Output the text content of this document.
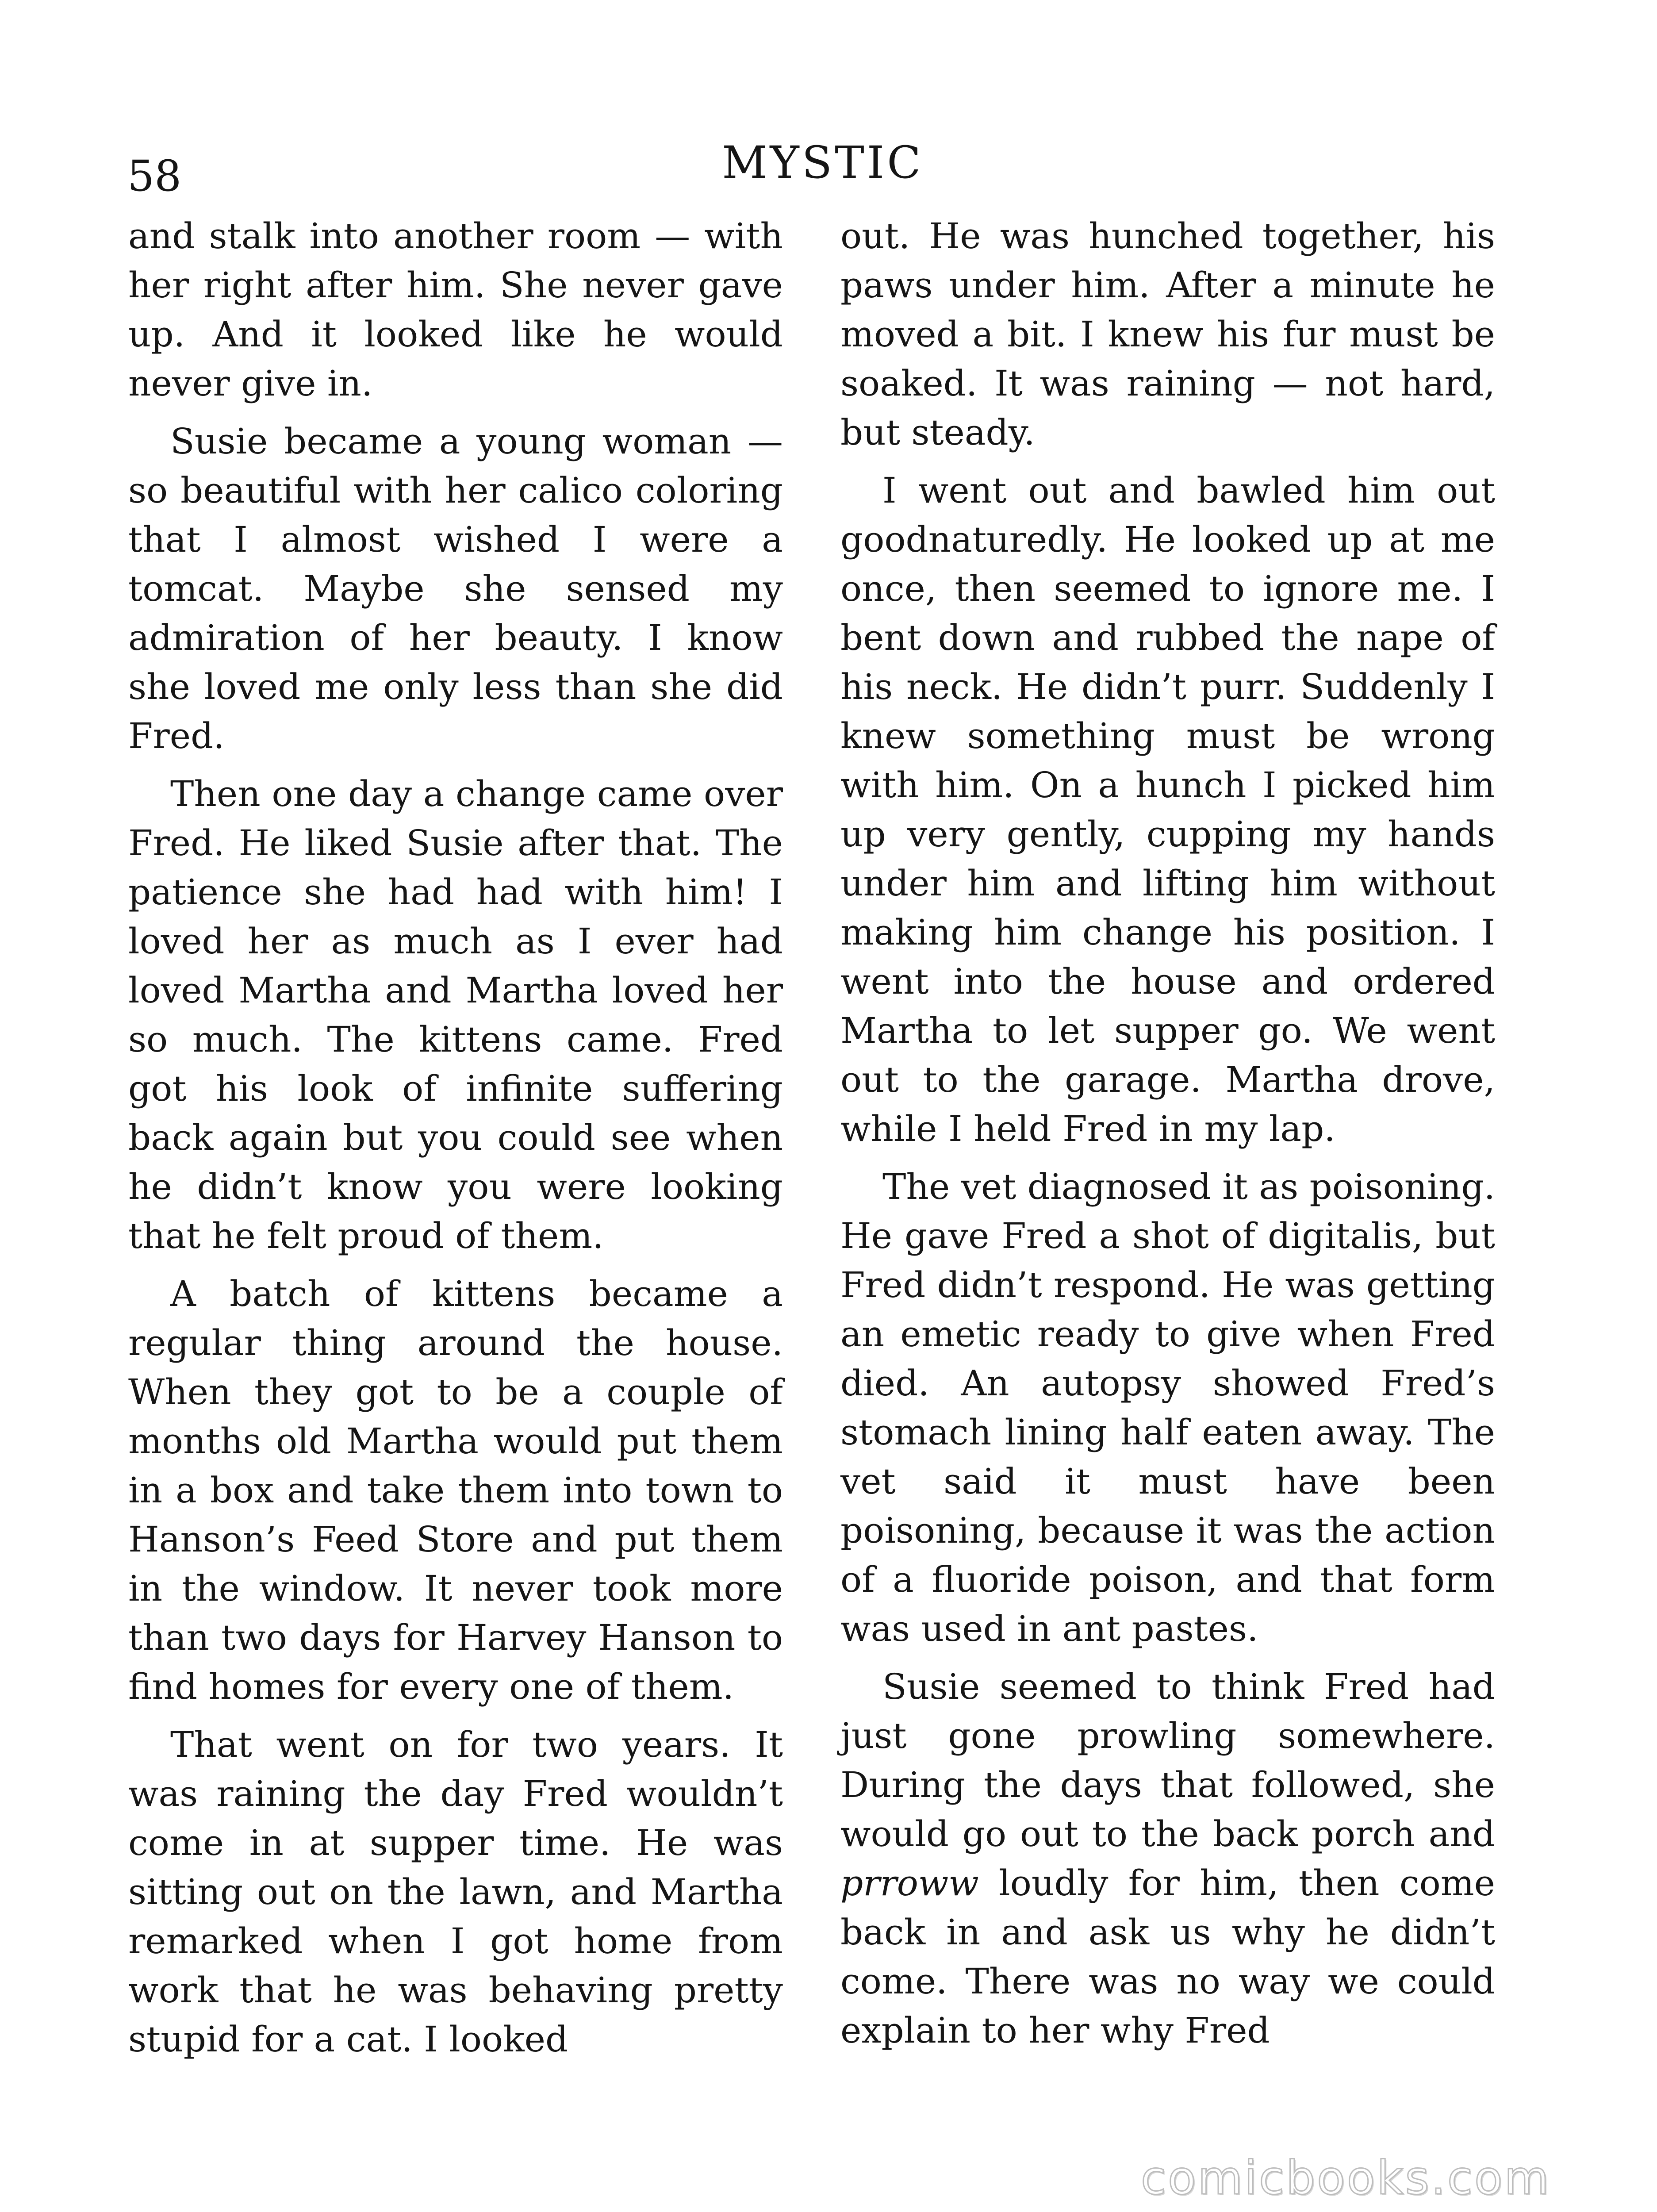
58	MYSTIC

and stalk into another room — with her right after him. She never gave up. And it looked like he would never give in.

Susie became a young woman — so beautiful with her calico coloring that I almost wished I were a tomcat. Maybe she sensed my admiration of her beauty. I know she loved me only less than she did Fred.

Then one day a change came over Fred. He liked Susie after that. The patience she had had with him! I loved her as much as I ever had loved Martha and Martha loved her so much. The kittens came. Fred got his look of infinite suffering back again but you could see when he didn’t know you were looking that he felt proud of them.

A batch of kittens became a regular thing around the house. When they got to be a couple of months old Martha would put them in a box and take them into town to Hanson’s Feed Store and put them in the window. It never took more than two days for Harvey Hanson to find homes for every one of them.

That went on for two years. It was raining the day Fred wouldn’t come in at supper time. He was sitting out on the lawn, and Martha remarked when I got home from work that he was behaving pretty stupid for a cat. I looked

out. He was hunched together, his paws under him. After a minute he moved a bit. I knew his fur must be soaked. It was raining — not hard, but steady.

I went out and bawled him out goodnaturedly. He looked up at me once, then seemed to ignore me. I bent down and rubbed the nape of his neck. He didn’t purr. Suddenly I knew something must be wrong with him. On a hunch I picked him up very gently, cupping my hands under him and lifting him without making him change his position. I went into the house and ordered Martha to let supper go. We went out to the garage. Martha drove, while I held Fred in my lap.

The vet diagnosed it as poisoning. He gave Fred a shot of digitalis, but Fred didn’t respond. He was getting an emetic ready to give when Fred died. An autopsy showed Fred’s stomach lining half eaten away. The vet said it must have been poisoning, because it was the action of a fluoride poison, and that form was used in ant pastes.

Susie seemed to think Fred had just gone prowling somewhere. During the days that followed, she would go out to the back porch and prroww loudly for him, then come back in and ask us why he didn’t come. There was no way we could explain to her why Fred

comicbooks.com
